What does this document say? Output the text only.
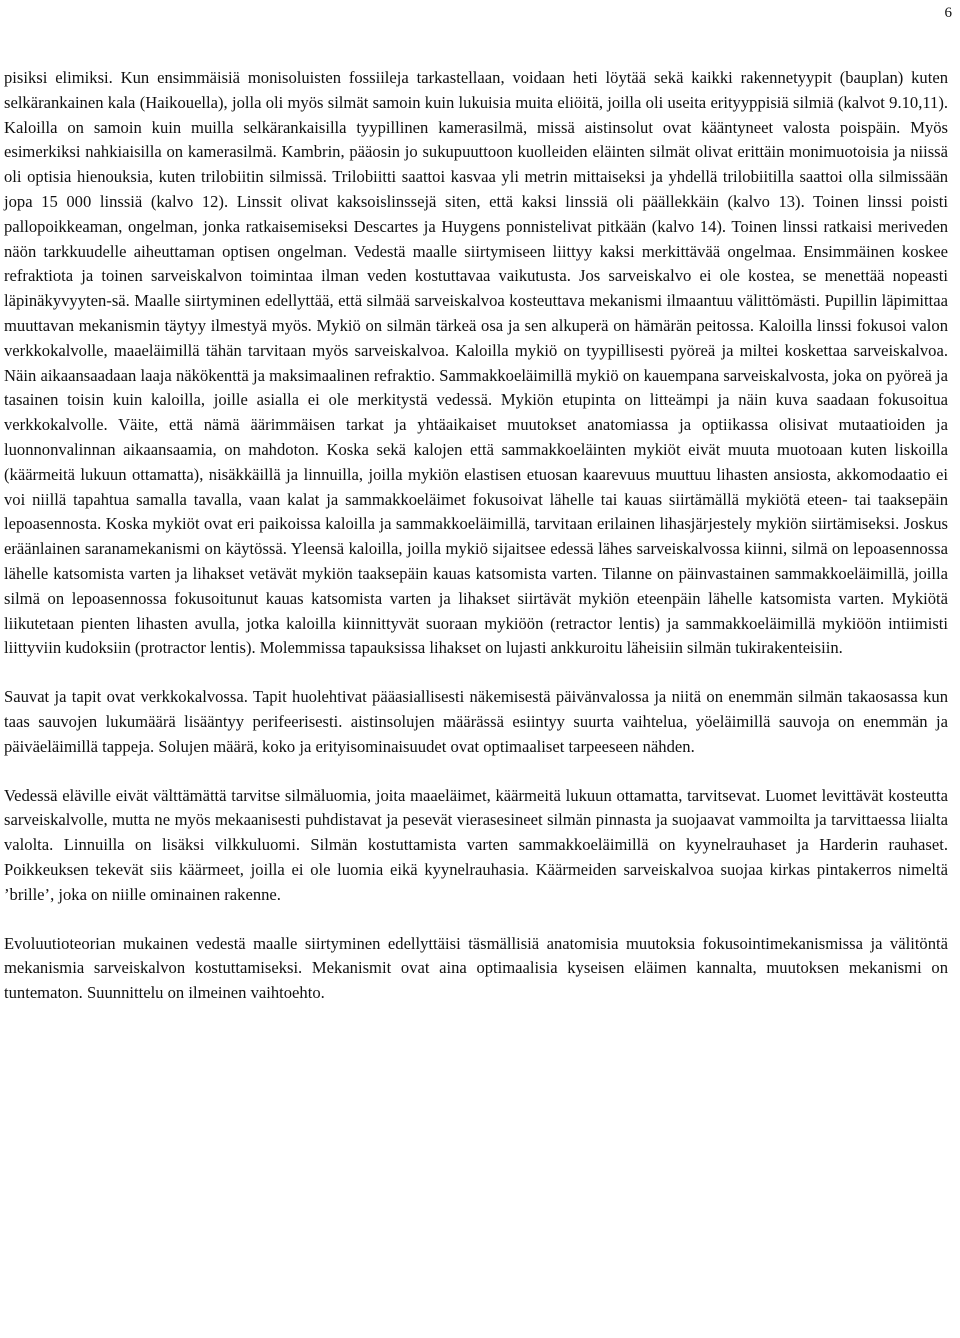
6

pisiksi elimiksi. Kun ensimmäisiä monisoluisten fossiileja tarkastellaan, voidaan heti löytää sekä kaikki rakennetyypit (bauplan) kuten selkärankainen kala (Haikouella), jolla oli myös silmät samoin kuin lukuisia muita eliöitä, joilla oli useita erityyppisiä silmiä (kalvot 9.10,11). Kaloilla on samoin kuin muilla selkärankaisilla tyypillinen kamerasilmä, missä aistinsolut ovat kääntyneet valosta poispäin. Myös esimerkiksi nahkiaisilla on kamerasilmä. Kambrin, pääosin jo sukupuuttoon kuolleiden eläinten silmät olivat erittäin monimuotoisia ja niissä oli optisia hienouksia, kuten trilobiitin silmissä. Trilobiitti saattoi kasvaa yli metrin mittaiseksi ja yhdellä trilobiitilla saattoi olla silmissään jopa 15 000 linssiä (kalvo 12). Linssit olivat kaksoislinssejä siten, että kaksi linssiä oli päällekkäin (kalvo 13). Toinen linssi poisti pallopoikkeaman, ongelman, jonka ratkaisemiseksi Descartes ja Huygens ponnistelivat pitkään (kalvo 14). Toinen linssi ratkaisi meriveden näön tarkkuudelle aiheuttaman optisen ongelman. Vedestä maalle siirtymiseen liittyy kaksi merkittävää ongelmaa. Ensimmäinen koskee refraktiota ja toinen sarveiskalvon toimintaa ilman veden kostuttavaa vaikutusta. Jos sarveiskalvo ei ole kostea, se menettää nopeasti läpinäkyvyyten-sä. Maalle siirtyminen edellyttää, että silmää sarveiskalvoa kosteuttava mekanismi ilmaantuu välittömästi. Pupillin läpimittaa muuttavan mekanismin täytyy ilmestyä myös. Mykiö on silmän tärkeä osa ja sen alkuperä on hämärän peitossa. Kaloilla linssi fokusoi valon verkkokalvolle, maaeläimillä tähän tarvitaan myös sarveiskalvoa. Kaloilla mykiö on tyypillisesti pyöreä ja miltei koskettaa sarveiskalvoa. Näin aikaansaadaan laaja näkökenttä ja maksimaalinen refraktio. Sammakkoeläimillä mykiö on kauempana sarveiskalvosta, joka on pyöreä ja tasainen toisin kuin kaloilla, joille asialla ei ole merkitystä vedessä. Mykiön etupinta on litteämpi ja näin kuva saadaan fokusoitua verkkokalvolle. Väite, että nämä äärimmäisen tarkat ja yhtäaikaiset muutokset anatomiassa ja optiikassa olisivat mutaatioiden ja luonnonvalinnan aikaansaamia, on mahdoton. Koska sekä kalojen että sammakkoeläinten mykiöt eivät muuta muotoaan kuten liskoilla (käärmeitä lukuun ottamatta), nisäkkäillä ja linnuilla, joilla mykiön elastisen etuosan kaarevuus muuttuu lihasten ansiosta, akkomodaatio ei voi niillä tapahtua samalla tavalla, vaan kalat ja sammakkoeläimet fokusoivat lähelle tai kauas siirtämällä mykiötä eteen- tai taaksepäin lepoasennosta. Koska mykiöt ovat eri paikoissa kaloilla ja sammakkoeläimillä, tarvitaan erilainen lihasjärjestely mykiön siirtämiseksi. Joskus eräänlainen saranamekanismi on käytössä. Yleensä kaloilla, joilla mykiö sijaitsee edessä lähes sarveiskalvossa kiinni, silmä on lepoasennossa lähelle katsomista varten ja lihakset vetävät mykiön taaksepäin kauas katsomista varten. Tilanne on päinvastainen sammakkoeläimillä, joilla silmä on lepoasennossa fokusoitunut kauas katsomista varten ja lihakset siirtävät mykiön eteenpäin lähelle katsomista varten. Mykiötä liikutetaan pienten lihasten avulla, jotka kaloilla kiinnittyvät suoraan mykiöön (retractor lentis) ja sammakkoeläimillä mykiöön intiimisti liittyviin kudoksiin (protractor lentis). Molemmissa tapauksissa lihakset on lujasti ankkuroitu läheisiin silmän tukirakenteisiin.

Sauvat ja tapit ovat verkkokalvossa. Tapit huolehtivat pääasiallisesti näkemisestä päivänvalossa ja niitä on enemmän silmän takaosassa kun taas sauvojen lukumäärä lisääntyy perifeerisesti. aistinsolujen määrässä esiintyy suurta vaihtelua, yöeläimillä sauvoja on enemmän ja päiväeläimillä tappeja. Solujen määrä, koko ja erityisominaisuudet ovat optimaaliset tarpeeseen nähden.

Vedessä eläville eivät välttämättä tarvitse silmäluomia, joita maaeläimet, käärmeitä lukuun ottamatta, tarvitsevat. Luomet levittävät kosteutta sarveiskalvolle, mutta ne myös mekaanisesti puhdistavat ja pesevät vierasesineet silmän pinnasta ja suojaavat vammoilta ja tarvittaessa liialta valolta. Linnuilla on lisäksi vilkkuluomi. Silmän kostuttamista varten sammakkoeläimillä on kyynelrauhaset ja Harderin rauhaset. Poikkeuksen tekevät siis käärmeet, joilla ei ole luomia eikä kyynelrauhasia. Käärmeiden sarveiskalvoa suojaa kirkas pintakerros nimeltä ’brille’, joka on niille ominainen rakenne.

Evoluutioteorian mukainen vedestä maalle siirtyminen edellyttäisi täsmällisiä anatomisia muutoksia fokusointimekanismissa ja välitöntä mekanismia sarveiskalvon kostuttamiseksi. Mekanismit ovat aina optimaalisia kyseisen eläimen kannalta, muutoksen mekanismi on tuntematon. Suunnittelu on ilmeinen vaihtoehto.
